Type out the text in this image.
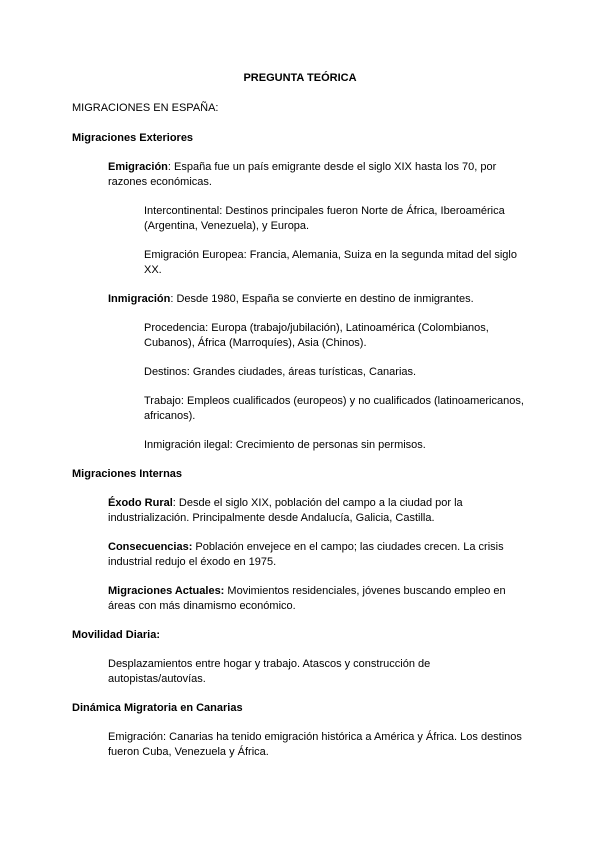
PREGUNTA TEÓRICA
MIGRACIONES EN ESPAÑA:
Migraciones Exteriores
Emigración: España fue un país emigrante desde el siglo XIX hasta los 70, por razones económicas.
Intercontinental: Destinos principales fueron Norte de África, Iberoamérica (Argentina, Venezuela), y Europa.
Emigración Europea: Francia, Alemania, Suiza en la segunda mitad del siglo XX.
Inmigración: Desde 1980, España se convierte en destino de inmigrantes.
Procedencia: Europa (trabajo/jubilación), Latinoamérica (Colombianos, Cubanos), África (Marroquíes), Asia (Chinos).
Destinos: Grandes ciudades, áreas turísticas, Canarias.
Trabajo: Empleos cualificados (europeos) y no cualificados (latinoamericanos, africanos).
Inmigración ilegal: Crecimiento de personas sin permisos.
Migraciones Internas
Éxodo Rural: Desde el siglo XIX, población del campo a la ciudad por la industrialización. Principalmente desde Andalucía, Galicia, Castilla.
Consecuencias: Población envejece en el campo; las ciudades crecen. La crisis industrial redujo el éxodo en 1975.
Migraciones Actuales: Movimientos residenciales, jóvenes buscando empleo en áreas con más dinamismo económico.
Movilidad Diaria:
Desplazamientos entre hogar y trabajo. Atascos y construcción de autopistas/autovías.
Dinámica Migratoria en Canarias
Emigración: Canarias ha tenido emigración histórica a América y África. Los destinos fueron Cuba, Venezuela y África.
